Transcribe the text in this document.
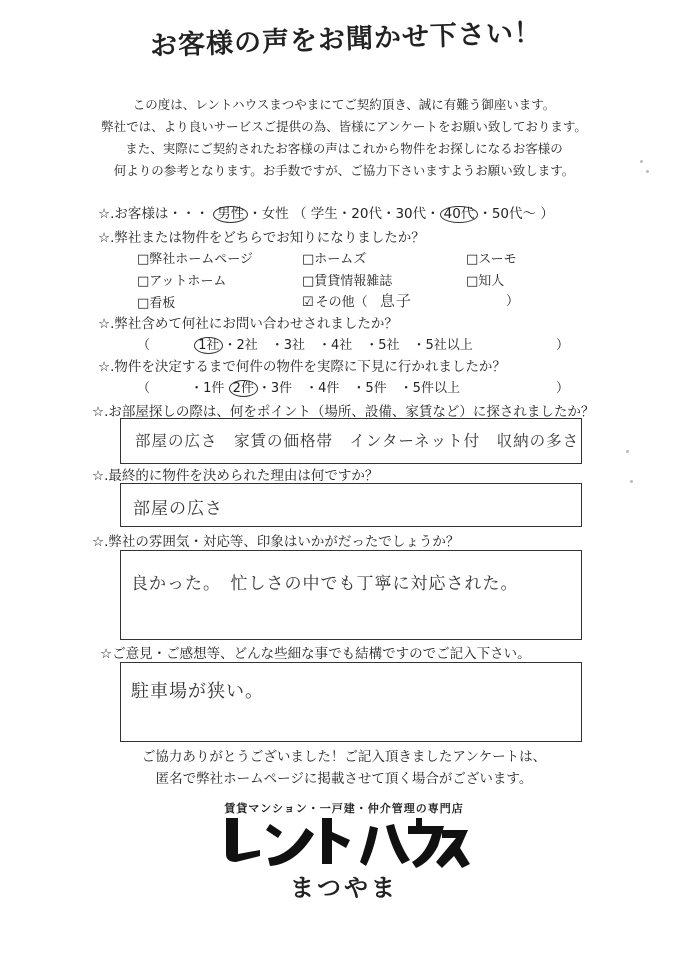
お客様の声をお聞かせ下さい！
この度は、レントハウスまつやまにてご契約頂き、誠に有難う御座います。
弊社では、より良いサービスご提供の為、皆様にアンケートをお願い致しております。
また、実際にご契約されたお客様の声はこれから物件をお探しになるお客様の
何よりの参考となります。お手数ですが、ご協力下さいますようお願い致します。
☆.お客様は・・・ 男性 ・女性 （ 学生・20代・30代・ 40代 ・50代～ ）
☆.弊社または物件をどちらでお知りになりましたか？
□弊社ホームページ	□ホームズ	□スーモ
□アットホーム	□賃貸情報雑誌	□知人
□看板	☑ その他（ 息子	）
☆.弊社含めて何社にお問い合わせされましたか？
（	1社 ・2社　・3社　・4社　・5社　・5社以上	）
☆.物件を決定するまで何件の物件を実際に下見に行かれましたか？
（	・1件 2件 ・3件　・4件　・5件　・5件以上	）
☆.お部屋探しの際は、何をポイント（場所、設備、家賃など）に探されましたか？
部屋の広さ　家賃の価格帯　インターネット付　収納の多さ
☆.最終的に物件を決められた理由は何ですか？
部屋の広さ
☆.弊社の雰囲気・対応等、印象はいかがだったでしょうか？
良かった。　忙しさの中でも丁寧に対応された。
☆ご意見・ご感想等、どんな些細な事でも結構ですのでご記入下さい。
駐車場が狭い。
ご協力ありがとうございました！ご記入頂きましたアンケートは、
匿名で弊社ホームページに掲載させて頂く場合がございます。
賃貸マンション・一戸建・仲介管理の専門店
まつやま
